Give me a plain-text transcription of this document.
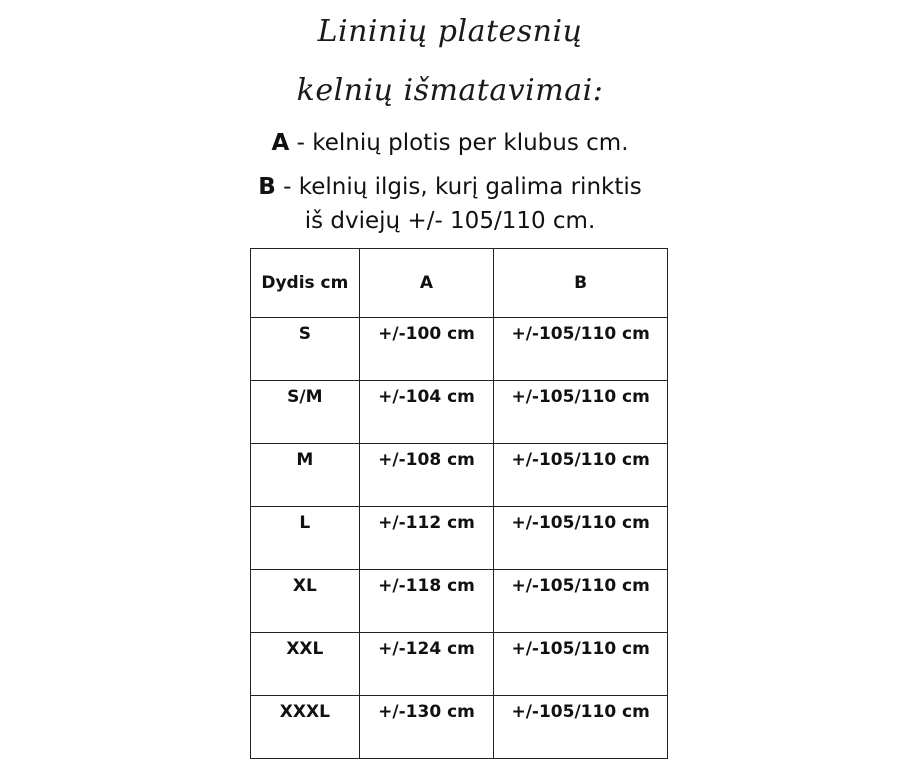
Lininių platesnių
kelnių išmatavimai:
A - kelnių plotis per klubus cm.
B - kelnių ilgis, kurį galima rinktis
iš dviejų +/- 105/110 cm.
Dydis cm	A	B
S	+/-100 cm	+/-105/110 cm
S/M	+/-104 cm	+/-105/110 cm
M	+/-108 cm	+/-105/110 cm
L	+/-112 cm	+/-105/110 cm
XL	+/-118 cm	+/-105/110 cm
XXL	+/-124 cm	+/-105/110 cm
XXXL	+/-130 cm	+/-105/110 cm
